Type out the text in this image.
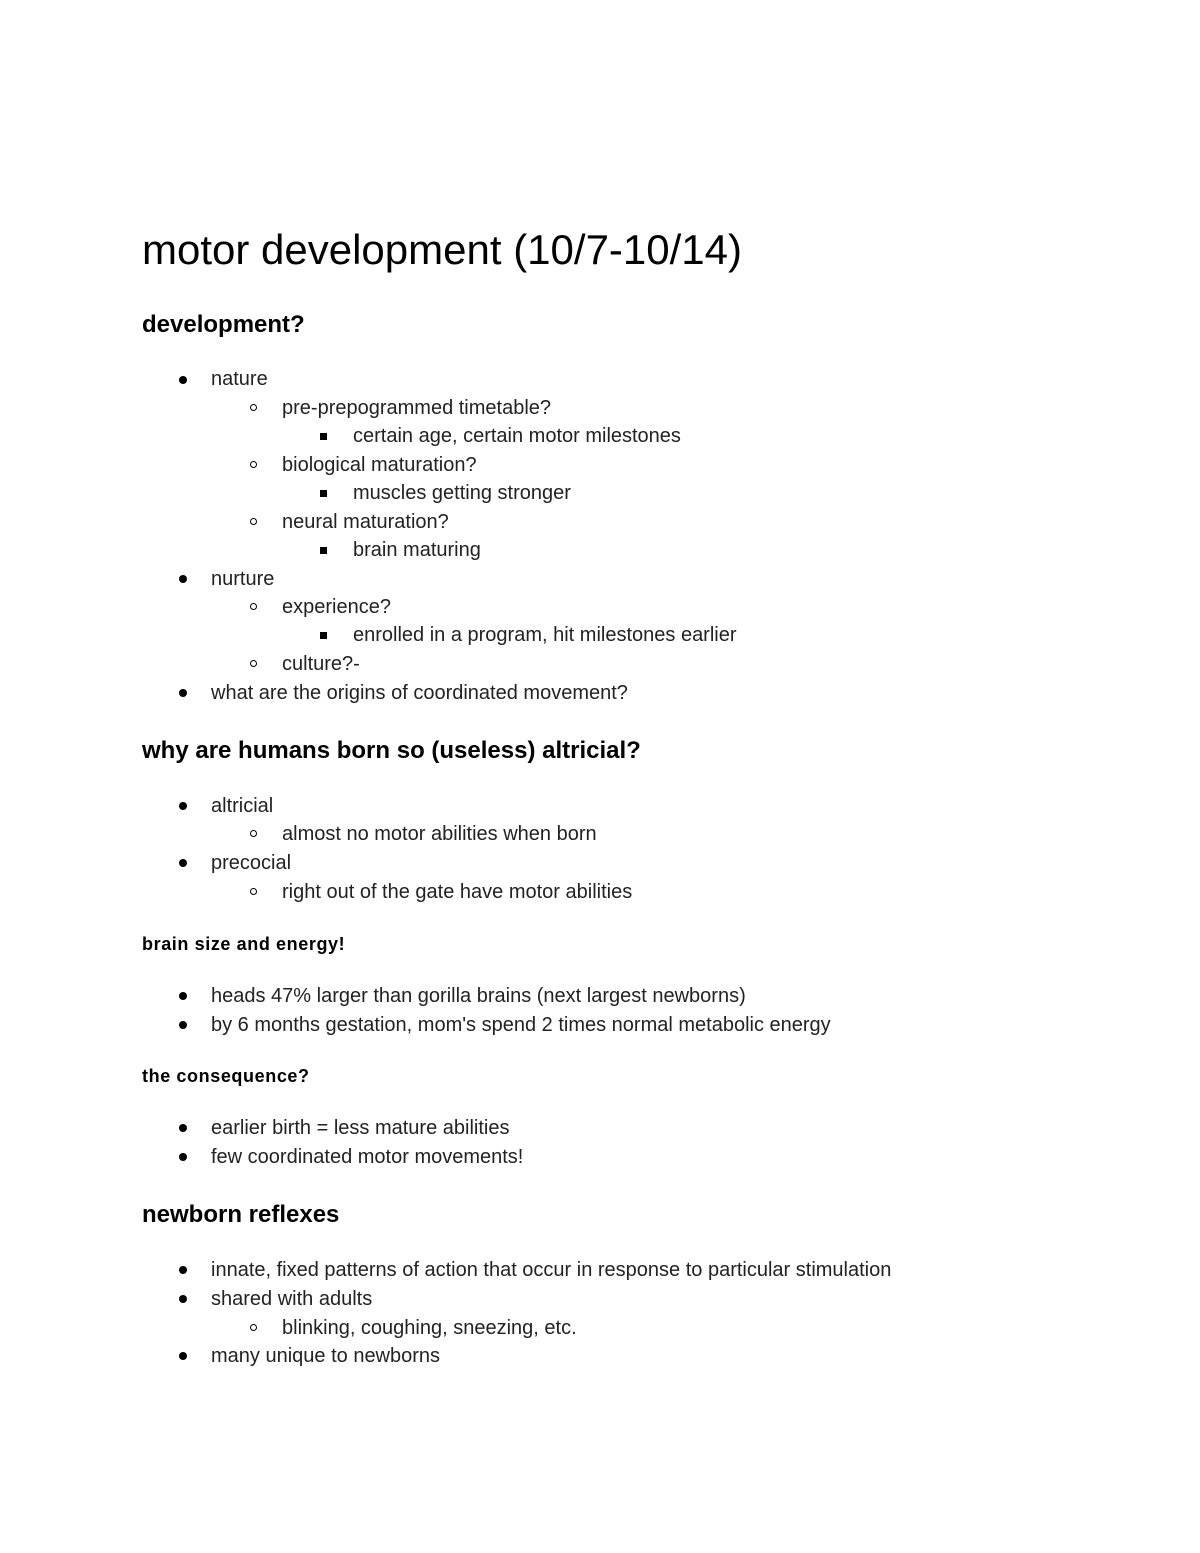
motor development (10/7-10/14)
development?
nature
pre-prepogrammed timetable?
certain age, certain motor milestones
biological maturation?
muscles getting stronger
neural maturation?
brain maturing
nurture
experience?
enrolled in a program, hit milestones earlier
culture?-
what are the origins of coordinated movement?
why are humans born so (useless) altricial?
altricial
almost no motor abilities when born
precocial
right out of the gate have motor abilities
brain size and energy!
heads 47% larger than gorilla brains (next largest newborns)
by 6 months gestation, mom's spend 2 times normal metabolic energy
the consequence?
earlier birth = less mature abilities
few coordinated motor movements!
newborn reflexes
innate, fixed patterns of action that occur in response to particular stimulation
shared with adults
blinking, coughing, sneezing, etc.
many unique to newborns
